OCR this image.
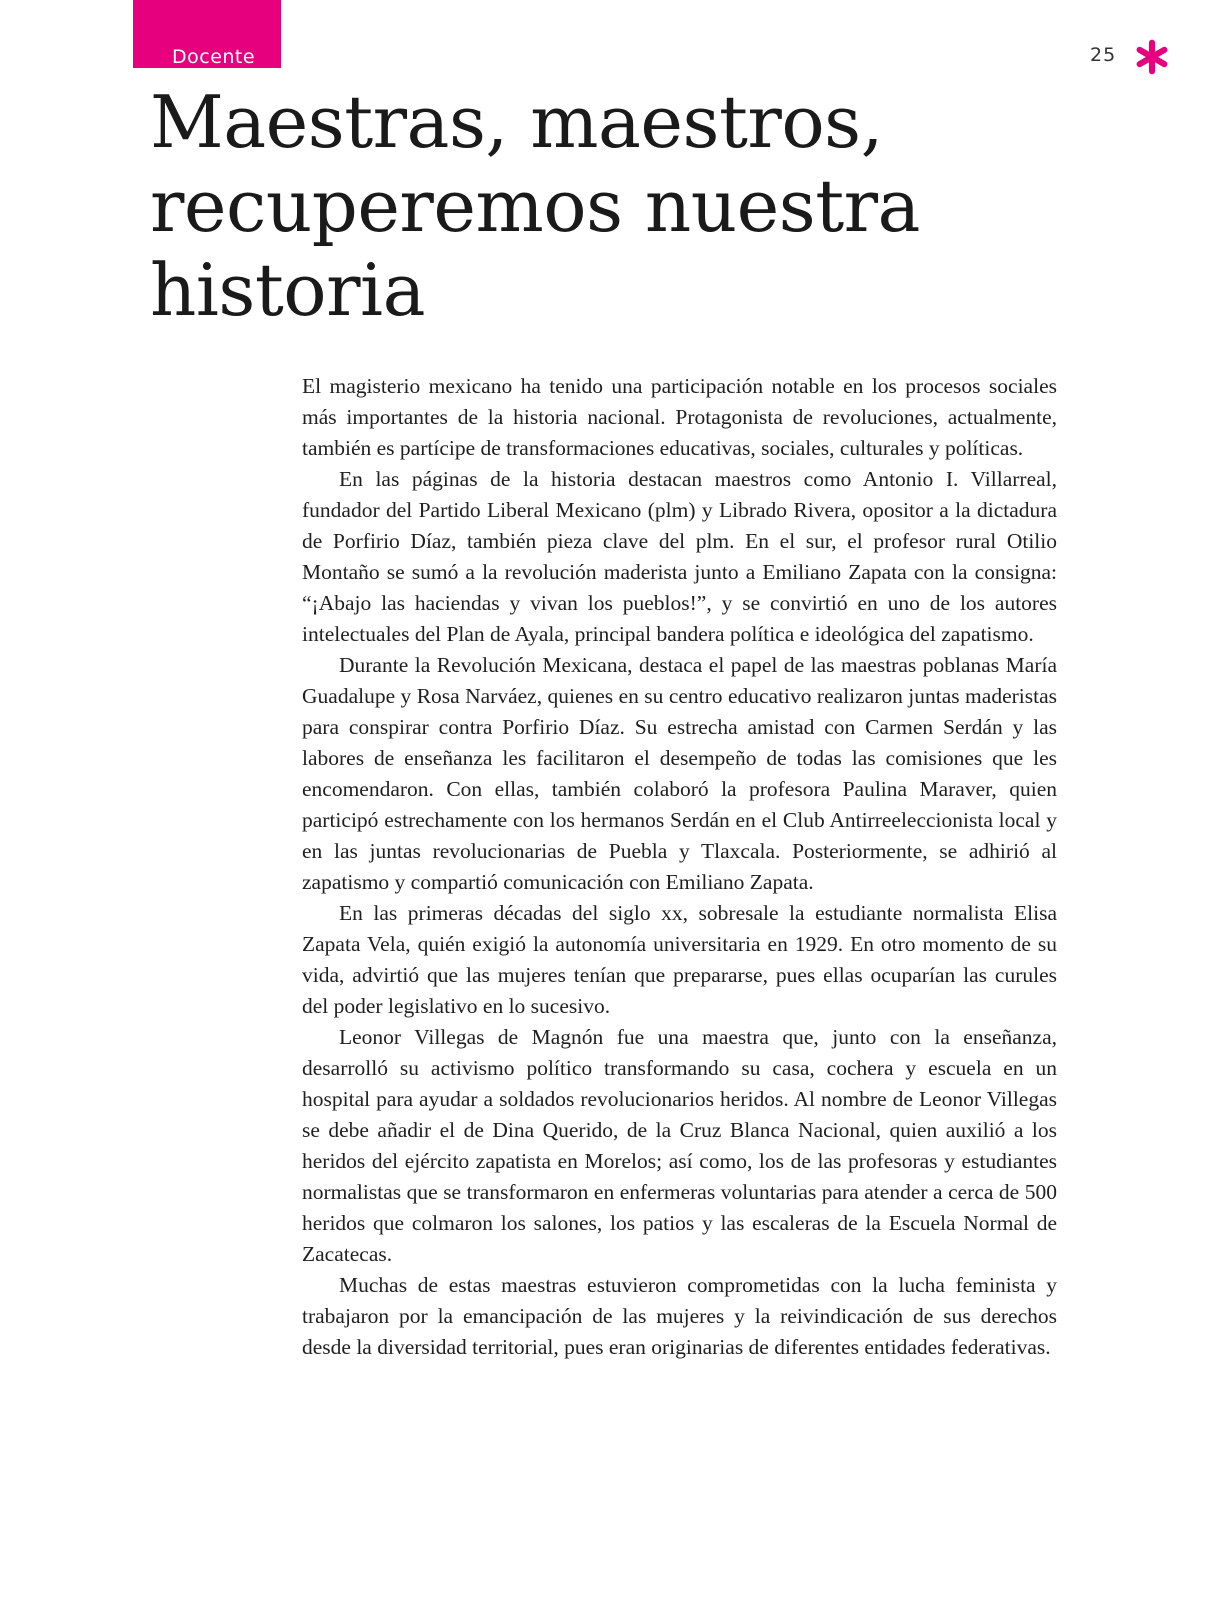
Docente	25
Maestras, maestros,
recuperemos nuestra
historia

El magisterio mexicano ha tenido una participación notable en los procesos sociales más importantes de la historia nacional. Protagonista de revoluciones, actualmente, también es partícipe de transformaciones educativas, sociales, culturales y políticas.

En las páginas de la historia destacan maestros como Antonio I. Villarreal, fundador del Partido Liberal Mexicano (plm) y Librado Rivera, opositor a la dictadura de Porfirio Díaz, también pieza clave del plm. En el sur, el profesor rural Otilio Montaño se sumó a la revolución maderista junto a Emiliano Zapata con la consigna: “¡Abajo las haciendas y vivan los pueblos!”, y se convirtió en uno de los autores intelectuales del Plan de Ayala, principal bandera política e ideológica del zapatismo.

Durante la Revolución Mexicana, destaca el papel de las maestras poblanas María Guadalupe y Rosa Narváez, quienes en su centro educativo realizaron juntas maderistas para conspirar contra Porfirio Díaz. Su estrecha amistad con Carmen Serdán y las labores de enseñanza les facilitaron el desempeño de todas las comisiones que les encomendaron. Con ellas, también colaboró la profesora Paulina Maraver, quien participó estrechamente con los hermanos Serdán en el Club Antirreeleccionista local y en las juntas revolucionarias de Puebla y Tlaxcala. Posteriormente, se adhirió al zapatismo y compartió comunicación con Emiliano Zapata.

En las primeras décadas del siglo xx, sobresale la estudiante normalista Elisa Zapata Vela, quién exigió la autonomía universitaria en 1929. En otro momento de su vida, advirtió que las mujeres tenían que prepararse, pues ellas ocuparían las curules del poder legislativo en lo sucesivo.

Leonor Villegas de Magnón fue una maestra que, junto con la enseñanza, desarrolló su activismo político transformando su casa, cochera y escuela en un hospital para ayudar a soldados revolucionarios heridos. Al nombre de Leonor Villegas se debe añadir el de Dina Querido, de la Cruz Blanca Nacional, quien auxilió a los heridos del ejército zapatista en Morelos; así como, los de las profesoras y estudiantes normalistas que se transformaron en enfermeras voluntarias para atender a cerca de 500 heridos que colmaron los salones, los patios y las escaleras de la Escuela Normal de Zacatecas.

Muchas de estas maestras estuvieron comprometidas con la lucha feminista y trabajaron por la emancipación de las mujeres y la reivindicación de sus derechos desde la diversidad territorial, pues eran originarias de diferentes entidades federativas.
